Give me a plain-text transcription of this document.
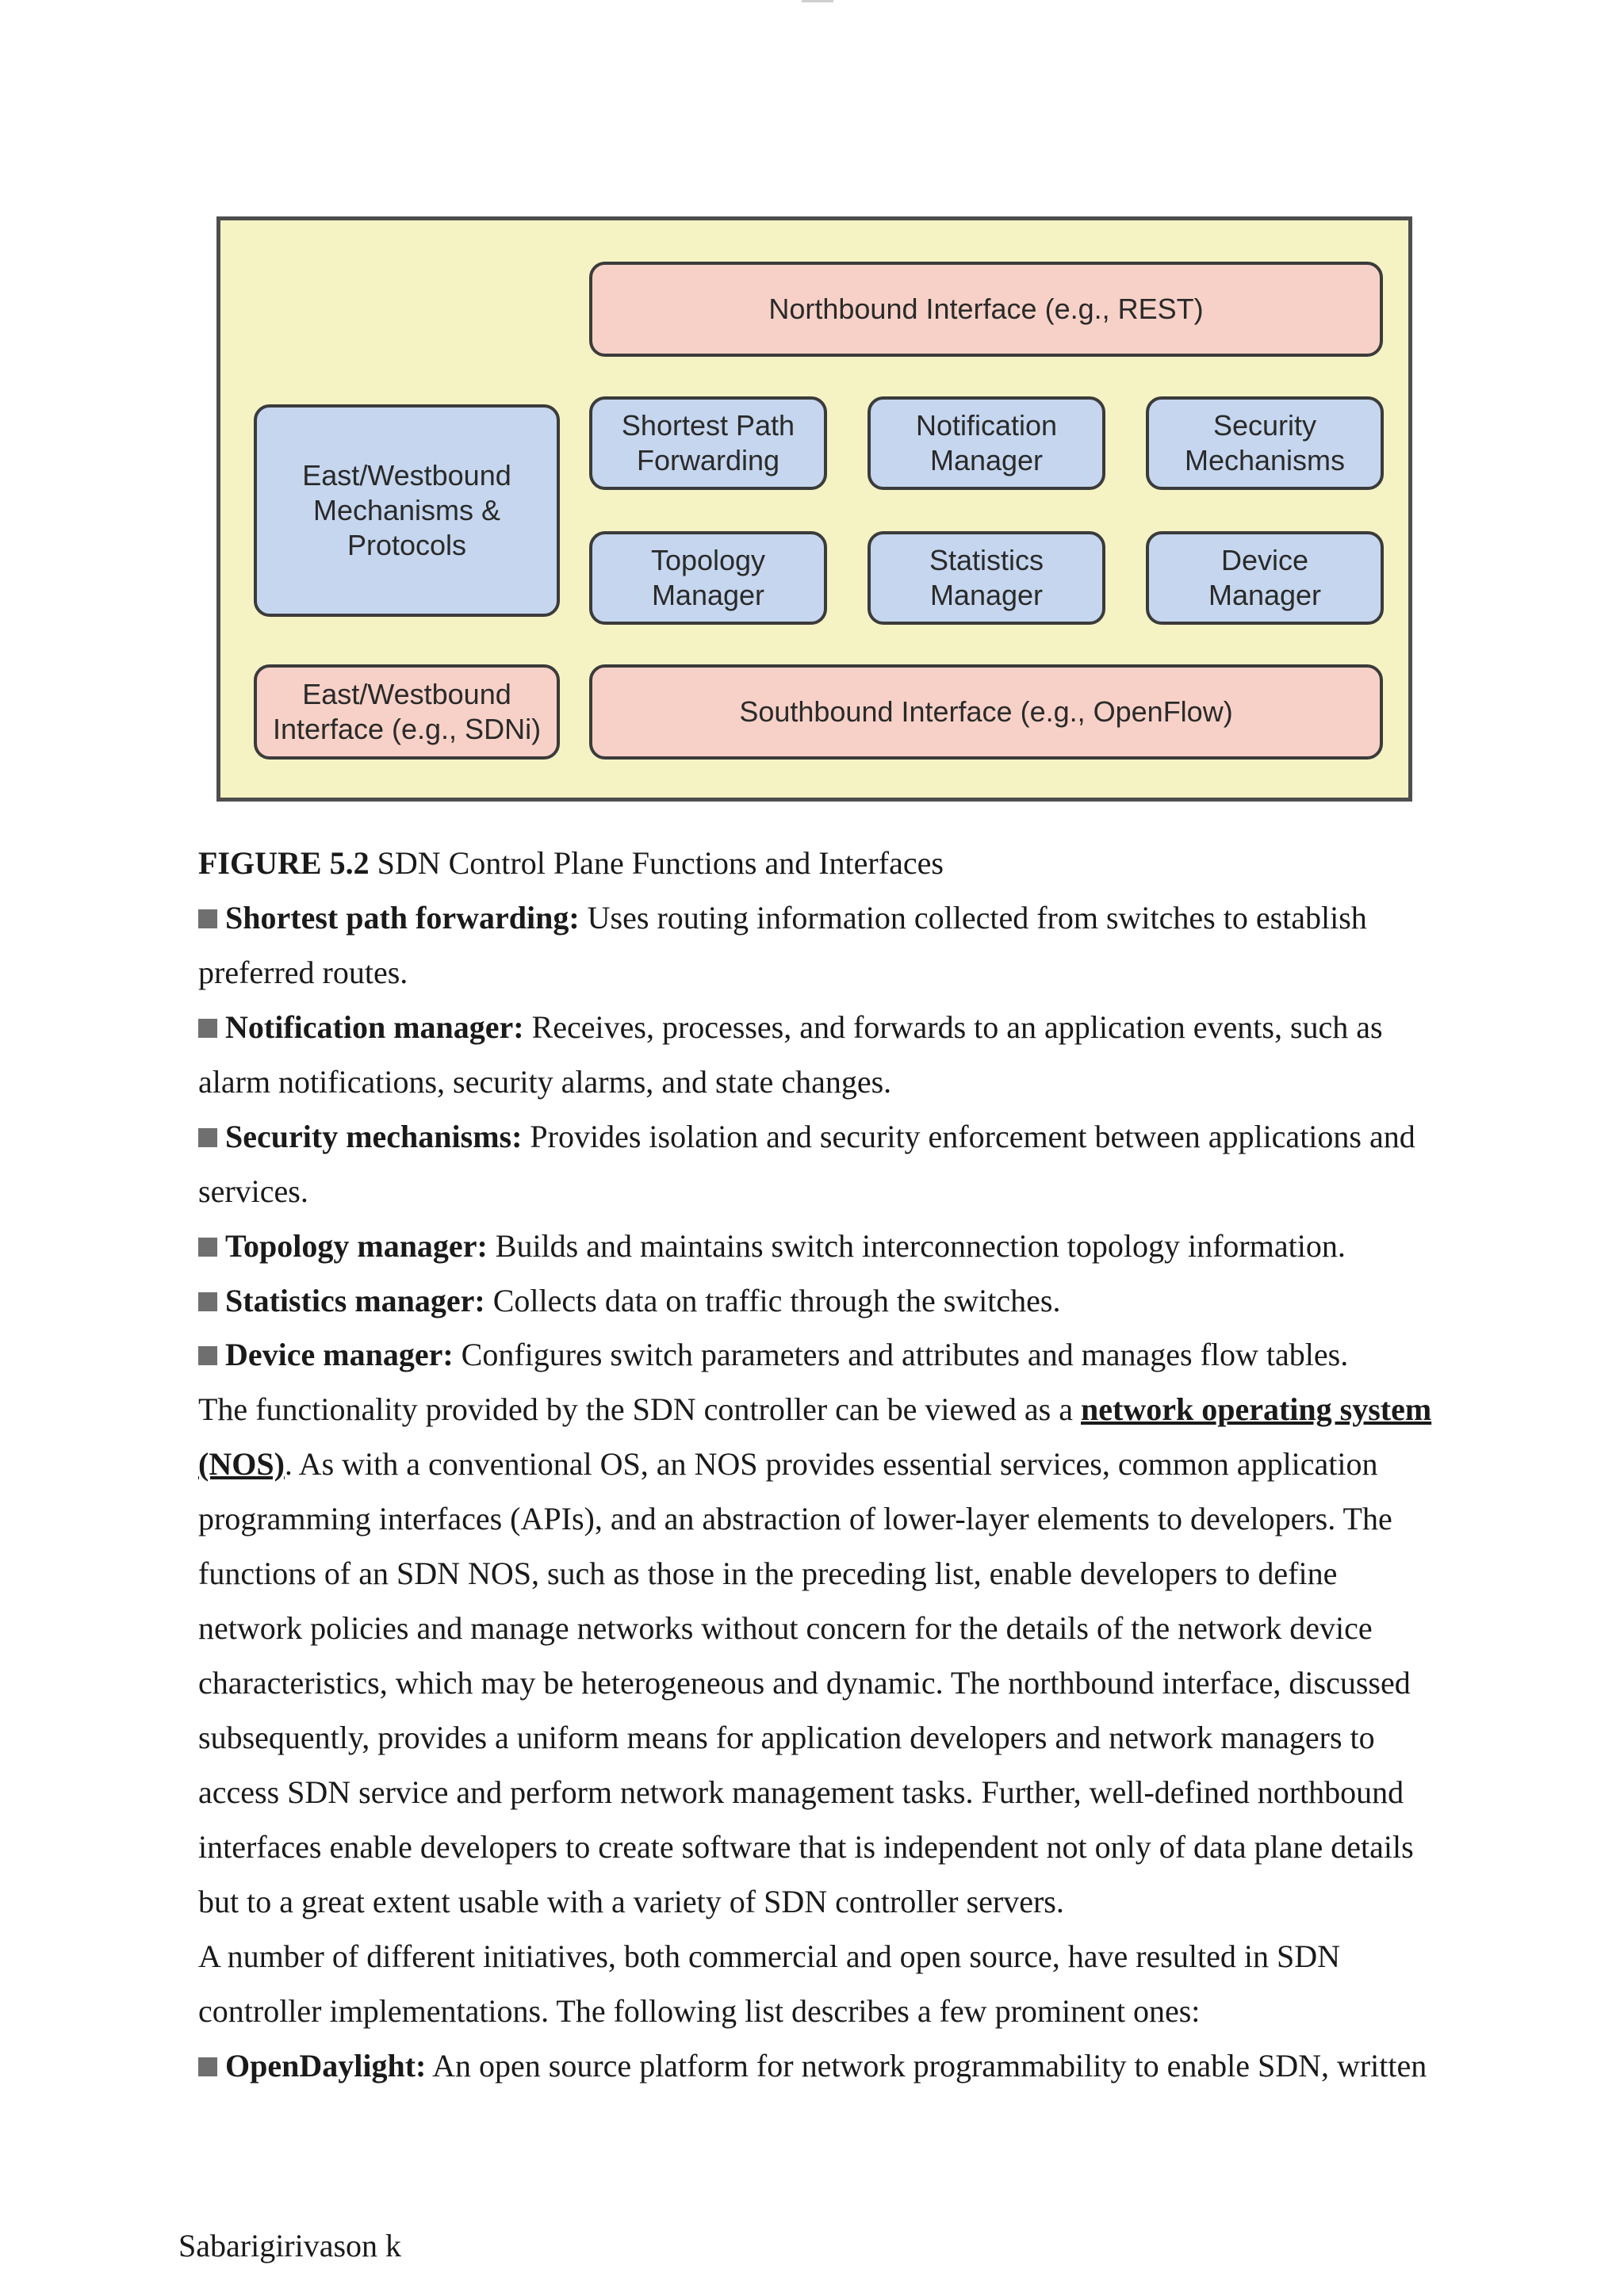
Northbound Interface (e.g., REST)
East/Westbound
Mechanisms &
Protocols
Shortest Path
Forwarding
Notification
Manager
Security
Mechanisms
Topology
Manager
Statistics
Manager
Device
Manager
East/Westbound
Interface (e.g., SDNi)
Southbound Interface (e.g., OpenFlow)
FIGURE 5.2 SDN Control Plane Functions and Interfaces
Shortest path forwarding: Uses routing information collected from switches to establish
preferred routes.
Notification manager: Receives, processes, and forwards to an application events, such as
alarm notifications, security alarms, and state changes.
Security mechanisms: Provides isolation and security enforcement between applications and
services.
Topology manager: Builds and maintains switch interconnection topology information.
Statistics manager: Collects data on traffic through the switches.
Device manager: Configures switch parameters and attributes and manages flow tables.
The functionality provided by the SDN controller can be viewed as a network operating system
(NOS). As with a conventional OS, an NOS provides essential services, common application
programming interfaces (APIs), and an abstraction of lower-layer elements to developers. The
functions of an SDN NOS, such as those in the preceding list, enable developers to define
network policies and manage networks without concern for the details of the network device
characteristics, which may be heterogeneous and dynamic. The northbound interface, discussed
subsequently, provides a uniform means for application developers and network managers to
access SDN service and perform network management tasks. Further, well-defined northbound
interfaces enable developers to create software that is independent not only of data plane details
but to a great extent usable with a variety of SDN controller servers.
A number of different initiatives, both commercial and open source, have resulted in SDN
controller implementations. The following list describes a few prominent ones:
OpenDaylight: An open source platform for network programmability to enable SDN, written
Sabarigirivason k
